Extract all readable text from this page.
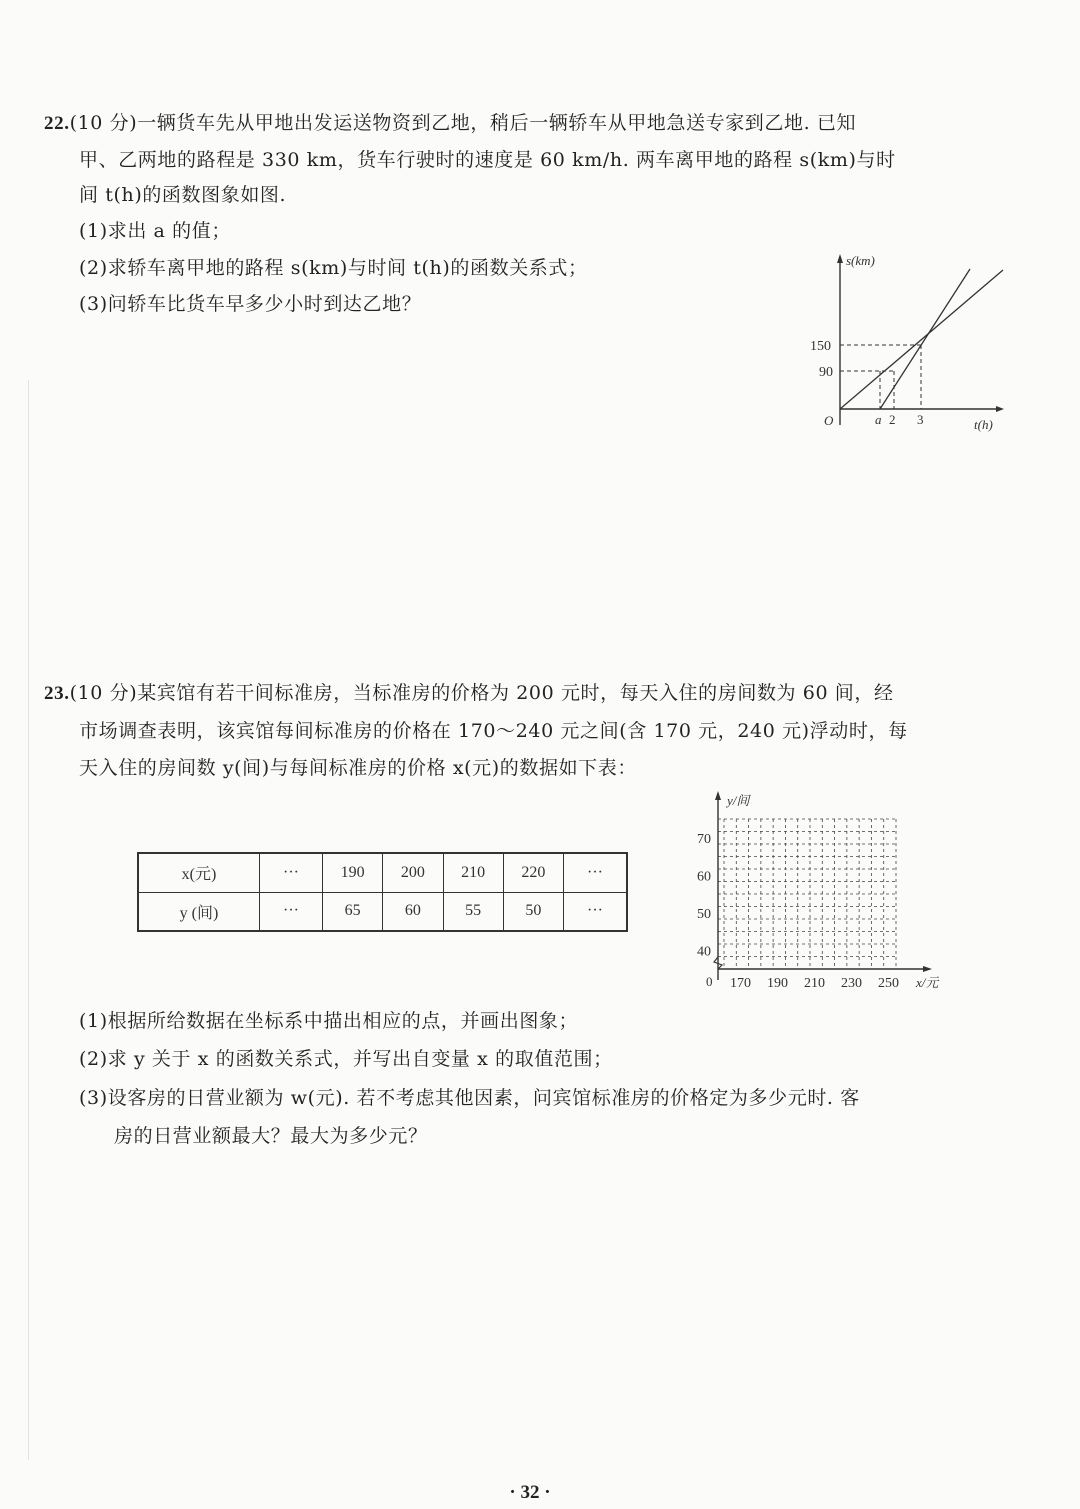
22.(10 分)一辆货车先从甲地出发运送物资到乙地，稍后一辆轿车从甲地急送专家到乙地. 已知
甲、乙两地的路程是 330 km，货车行驶时的速度是 60 km/h. 两车离甲地的路程 s(km)与时
间 t(h)的函数图象如图.
(1)求出 a 的值；
(2)求轿车离甲地的路程 s(km)与时间 t(h)的函数关系式；
(3)问轿车比货车早多少小时到达乙地？
s(km)
t(h)
O
150
90
a 2 3
23.(10 分)某宾馆有若干间标准房，当标准房的价格为 200 元时，每天入住的房间数为 60 间，经
市场调查表明，该宾馆每间标准房的价格在 170～240 元之间(含 170 元，240 元)浮动时，每
天入住的房间数 y(间)与每间标准房的价格 x(元)的数据如下表：
x(元)	···	190	200	210	220	···
y (间)	···	65	60	55	50	···
y/间
x/元
0
40
50
60
70
170 190 210 230 250
(1)根据所给数据在坐标系中描出相应的点，并画出图象；
(2)求 y 关于 x 的函数关系式，并写出自变量 x 的取值范围；
(3)设客房的日营业额为 w(元). 若不考虑其他因素，问宾馆标准房的价格定为多少元时. 客
房的日营业额最大？最大为多少元？
· 32 ·
